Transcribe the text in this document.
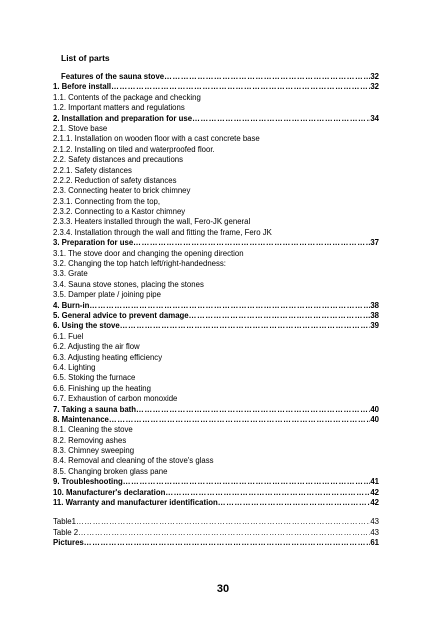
List of parts
Features of the sauna stove ……………………………………………………………………………………………………………………………………	32
1. Before install ……………………………………………………………………………………………………………………………………	32
1.1. Contents of the package and checking
1.2. Important matters and regulations
2. Installation and preparation for use ……………………………………………………………………………………………………………………………………	34
2.1. Stove base
2.1.1. Installation on wooden floor with a cast concrete base
2.1.2. Installing on tiled and waterproofed floor.
2.2. Safety distances and precautions
2.2.1. Safety distances
2.2.2. Reduction of safety distances
2.3. Connecting heater to brick chimney
2.3.1. Connecting from the top,
2.3.2. Connecting to a Kastor chimney
2.3.3. Heaters installed through the wall, Fero-JK general
2.3.4. Installation through the wall and fitting the frame, Fero JK
3. Preparation for use ……………………………………………………………………………………………………………………………………	37
3.1. The stove door and changing the opening direction
3.2. Changing the top hatch left/right-handedness:
3.3. Grate
3.4. Sauna stove stones, placing the stones
3.5. Damper plate / joining pipe
4. Burn-in ……………………………………………………………………………………………………………………………………	38
5. General advice to prevent damage ……………………………………………………………………………………………………………………………………	38
6. Using the stove ……………………………………………………………………………………………………………………………………	39
6.1. Fuel
6.2. Adjusting the air flow
6.3. Adjusting heating efficiency
6.4. Lighting
6.5. Stoking the furnace
6.6. Finishing up the heating
6.7. Exhaustion of carbon monoxide
7. Taking a sauna bath ……………………………………………………………………………………………………………………………………	40
8. Maintenance ……………………………………………………………………………………………………………………………………	40
8.1. Cleaning the stove
8.2. Removing ashes
8.3. Chimney sweeping
8.4. Removal and cleaning of the stove's glass
8.5. Changing broken glass pane
9. Troubleshooting ……………………………………………………………………………………………………………………………………	41
10. Manufacturer's declaration ……………………………………………………………………………………………………………………………………	42
11. Warranty and manufacturer identification ……………………………………………………………………………………………………………………………………	42
Table1 ……………………………………………………………………………………………………………………………………	43
Table 2 ……………………………………………………………………………………………………………………………………	43
Pictures ……………………………………………………………………………………………………………………………………	61
30
